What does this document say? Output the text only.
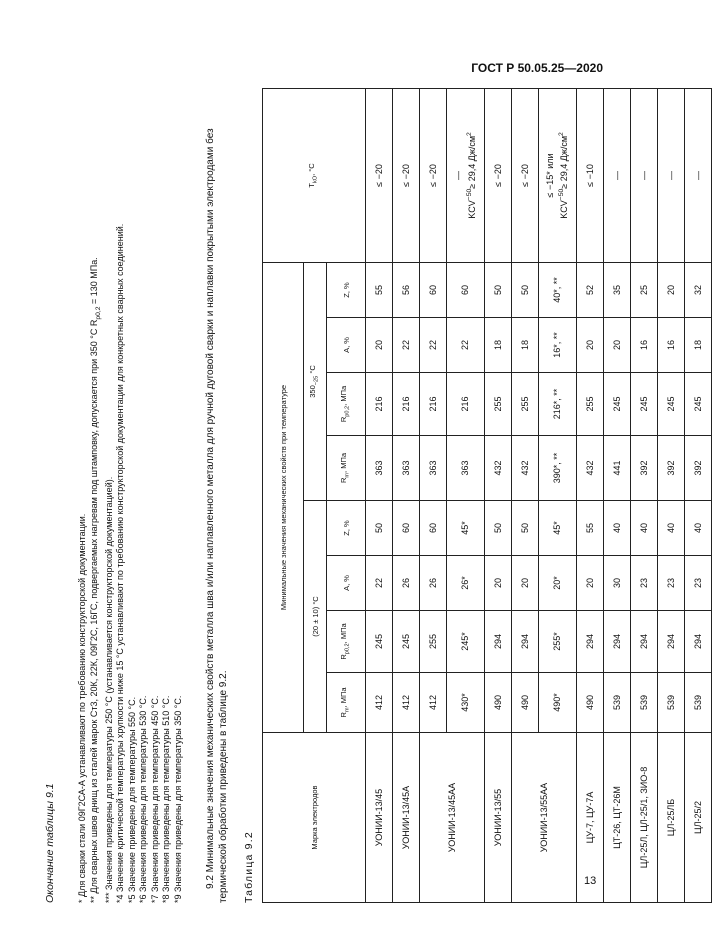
ГОСТ Р 50.05.25—2020
13
Окончание таблицы 9.1 * Для сварки стали 09Г2СА-А устанавливают по требованию конструкторской документации.

** Для сварных швов днищ из сталей марок Ст3, 20К, 22К, 09Г2С, 16ГС, подвергаемых нагревам под штамповку, допускается при 350 °С $R_{p0,2} = 130$ МПа.

*** Значения приведены для температуры 250 °С (устанавливается конструкторской документацией).

*4 Значение критической температуры хрупкости ниже 15 °С устанавливают по требованию конструкторской документации для конкретных сварных соединений.

*5 Значение приведено для температуры 550 °С.

*6 Значения приведены для температуры 530 °С.

*7 Значения приведены для температуры 450 °С.

*8 Значения приведены для температуры 510 °С.

*9 Значения приведены для температуры 350 °С. 9.2 Минимальные значения механических свойств металла шва и/или наплавленного металла для ручной дуговой сварки и наплавки покрытыми электродами без термической обработки приведены в таблице 9.2. Таблица 9.2
Марка электродов	Минимальные значения механических свойств при температуре								$T_{kO}$, °С
	(20 ± 10) °С				$350_{-25}$ °С				
	$R_m$, МПа	$R_{p0,2}$, МПа	А, %	Z, %	$R_m$, МПа	$R_{p0,2}$, МПа	А, %	Z, %	
УОНИИ-13/45	412	245	22	50	363	216	20	55	≤ −20
УОНИИ-13/45А	412	245	26	60	363	216	22	56	≤ −20
УОНИИ-13/45АА	412	255	26	60	363	216	22	60	≤ −20
	430*	245*	26*	45*	363	216	22	60	—
$KCV^{-50}\ge 29,4$ $Дж/см^2$

УОНИИ-13/55	490	294	20	50	432	255	18	50	≤ −20
УОНИИ-13/55АА	490	294	20	50	432	255	18	50	≤ −20
	490*	255*	20*	45*	390*, **	216*, **	16*, **	40*, **	≤ −15* или
$KCV^{-50}\ge 29,4$ $Дж/см^2$

ЦУ-7, ЦУ-7А	490	294	20	55	432	255	20	52	≤ −10
ЦТ-26, ЦТ-26М	539	294	30	40	441	245	20	35	—
ЦЛ-25Л, ЦЛ-25/1, ЗИО-8	539	294	23	40	392	245	16	25	—
ЦЛ-25ЛБ	539	294	23	40	392	245	16	20	—
ЦЛ-25/2	539	294	23	40	392	245	18	32	—
